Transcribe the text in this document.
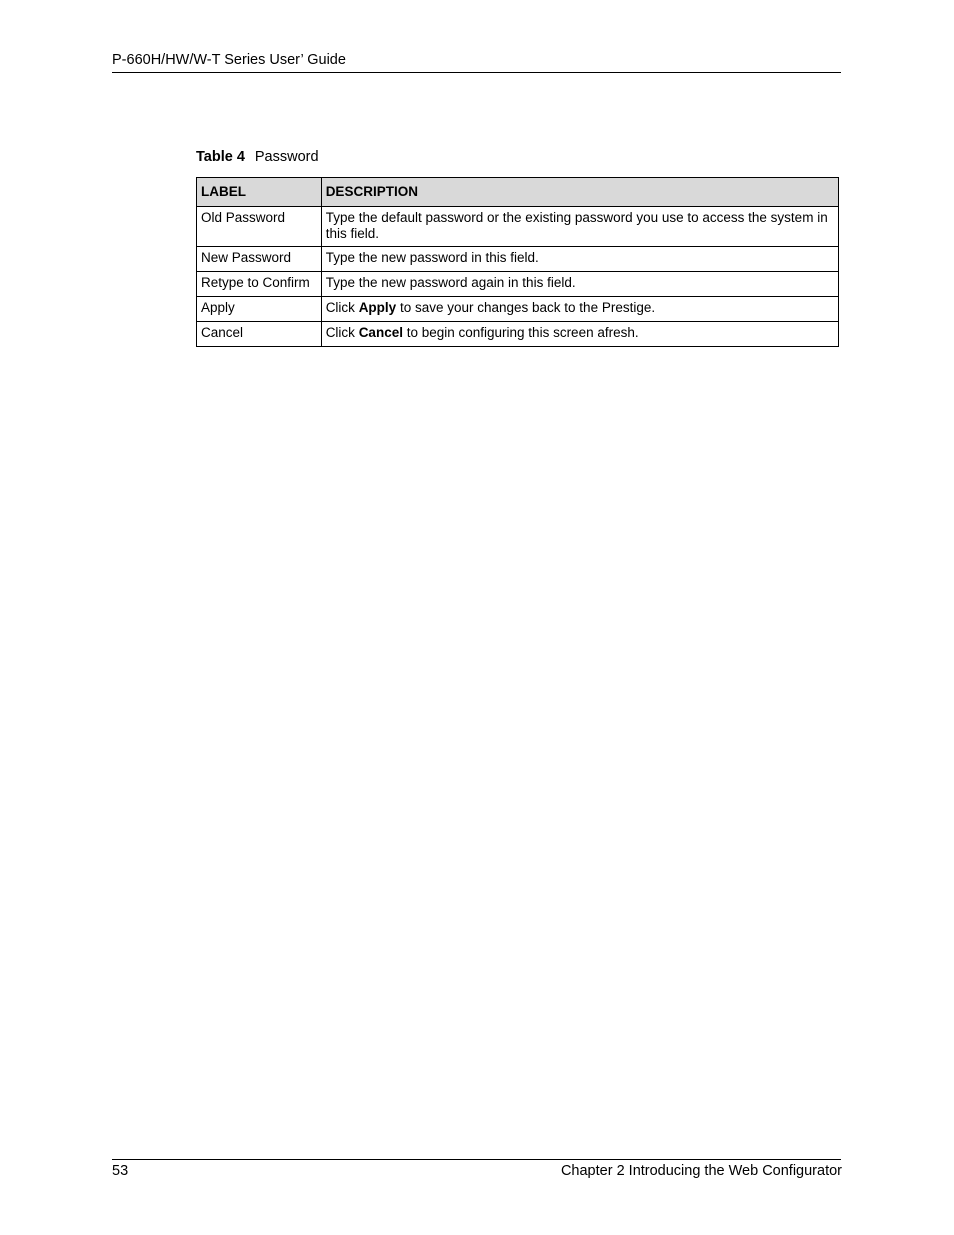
P-660H/HW/W-T Series User’ Guide
Table 4 Password
LABEL	DESCRIPTION
Old Password	Type the default password or the existing password you use to access the system in this field.
New Password	Type the new password in this field.
Retype to Confirm	Type the new password again in this field.
Apply	Click Apply to save your changes back to the Prestige.
Cancel	Click Cancel to begin configuring this screen afresh.
53	Chapter 2 Introducing the Web Configurator
